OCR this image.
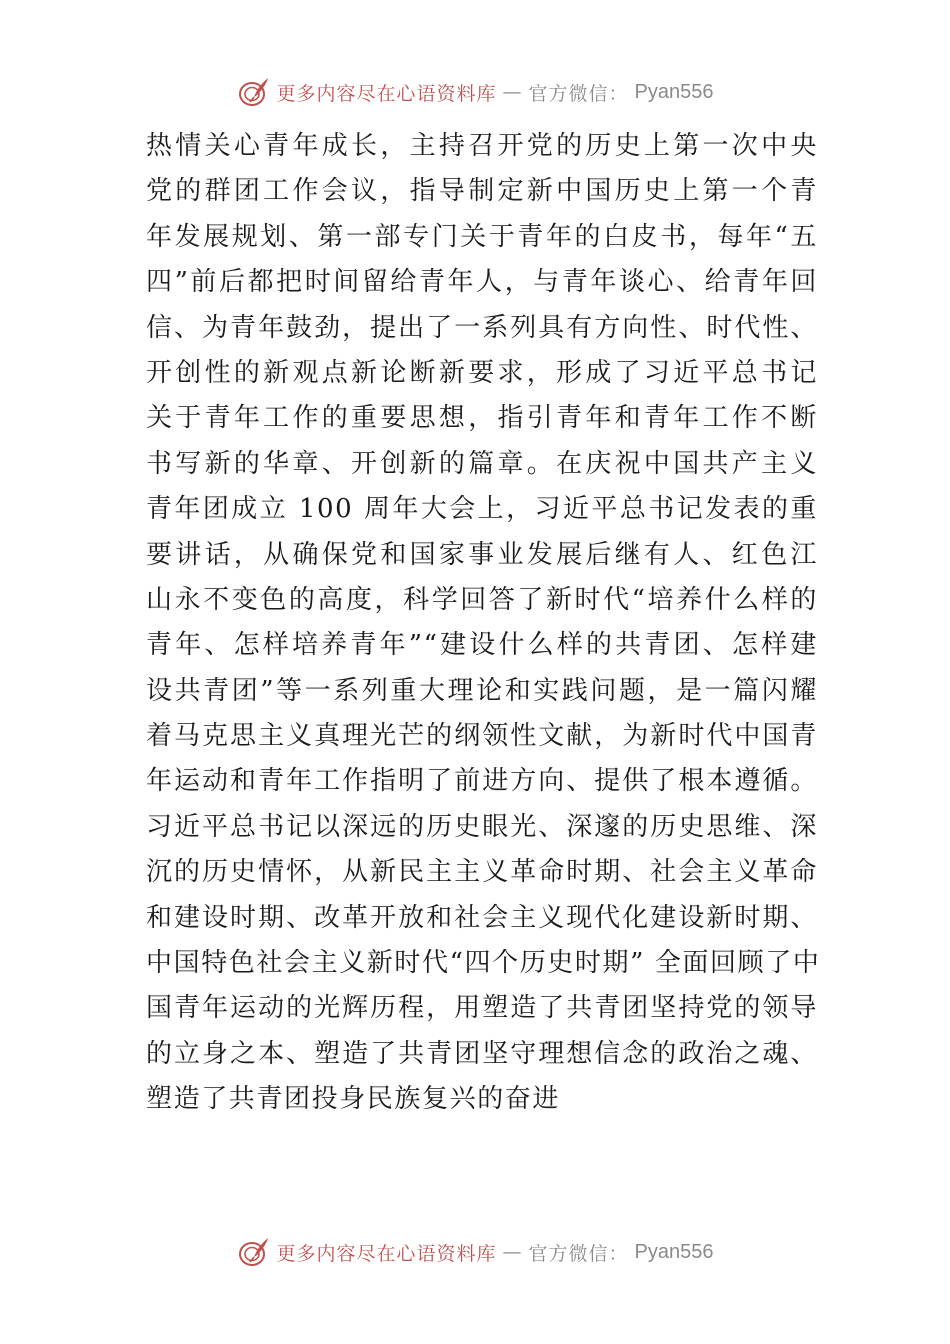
更多内容尽在心语资料库 — 官方微信： Pyan556
热情关心青年成长，主持召开党的历史上第一次中央
党的群团工作会议，指导制定新中国历史上第一个青
年发展规划、第一部专门关于青年的白皮书，每年“五
四”前后都把时间留给青年人，与青年谈心、给青年回
信、为青年鼓劲，提出了一系列具有方向性、时代性、
开创性的新观点新论断新要求，形成了习近平总书记
关于青年工作的重要思想，指引青年和青年工作不断
书写新的华章、开创新的篇章。在庆祝中国共产主义
青年团成立 100 周年大会上，习近平总书记发表的重
要讲话，从确保党和国家事业发展后继有人、红色江
山永不变色的高度，科学回答了新时代“培养什么样的
青年、怎样培养青年”“建设什么样的共青团、怎样建
设共青团”等一系列重大理论和实践问题，是一篇闪耀
着马克思主义真理光芒的纲领性文献，为新时代中国青
年运动和青年工作指明了前进方向、提供了根本遵循。
习近平总书记以深远的历史眼光、深邃的历史思维、深
沉的历史情怀，从新民主主义革命时期、社会主义革命
和建设时期、改革开放和社会主义现代化建设新时期、
中国特色社会主义新时代“四个历史时期” 全面回顾了中
国青年运动的光辉历程，用塑造了共青团坚持党的领导
的立身之本、塑造了共青团坚守理想信念的政治之魂、
塑造了共青团投身民族复兴的奋进
更多内容尽在心语资料库 — 官方微信： Pyan556
